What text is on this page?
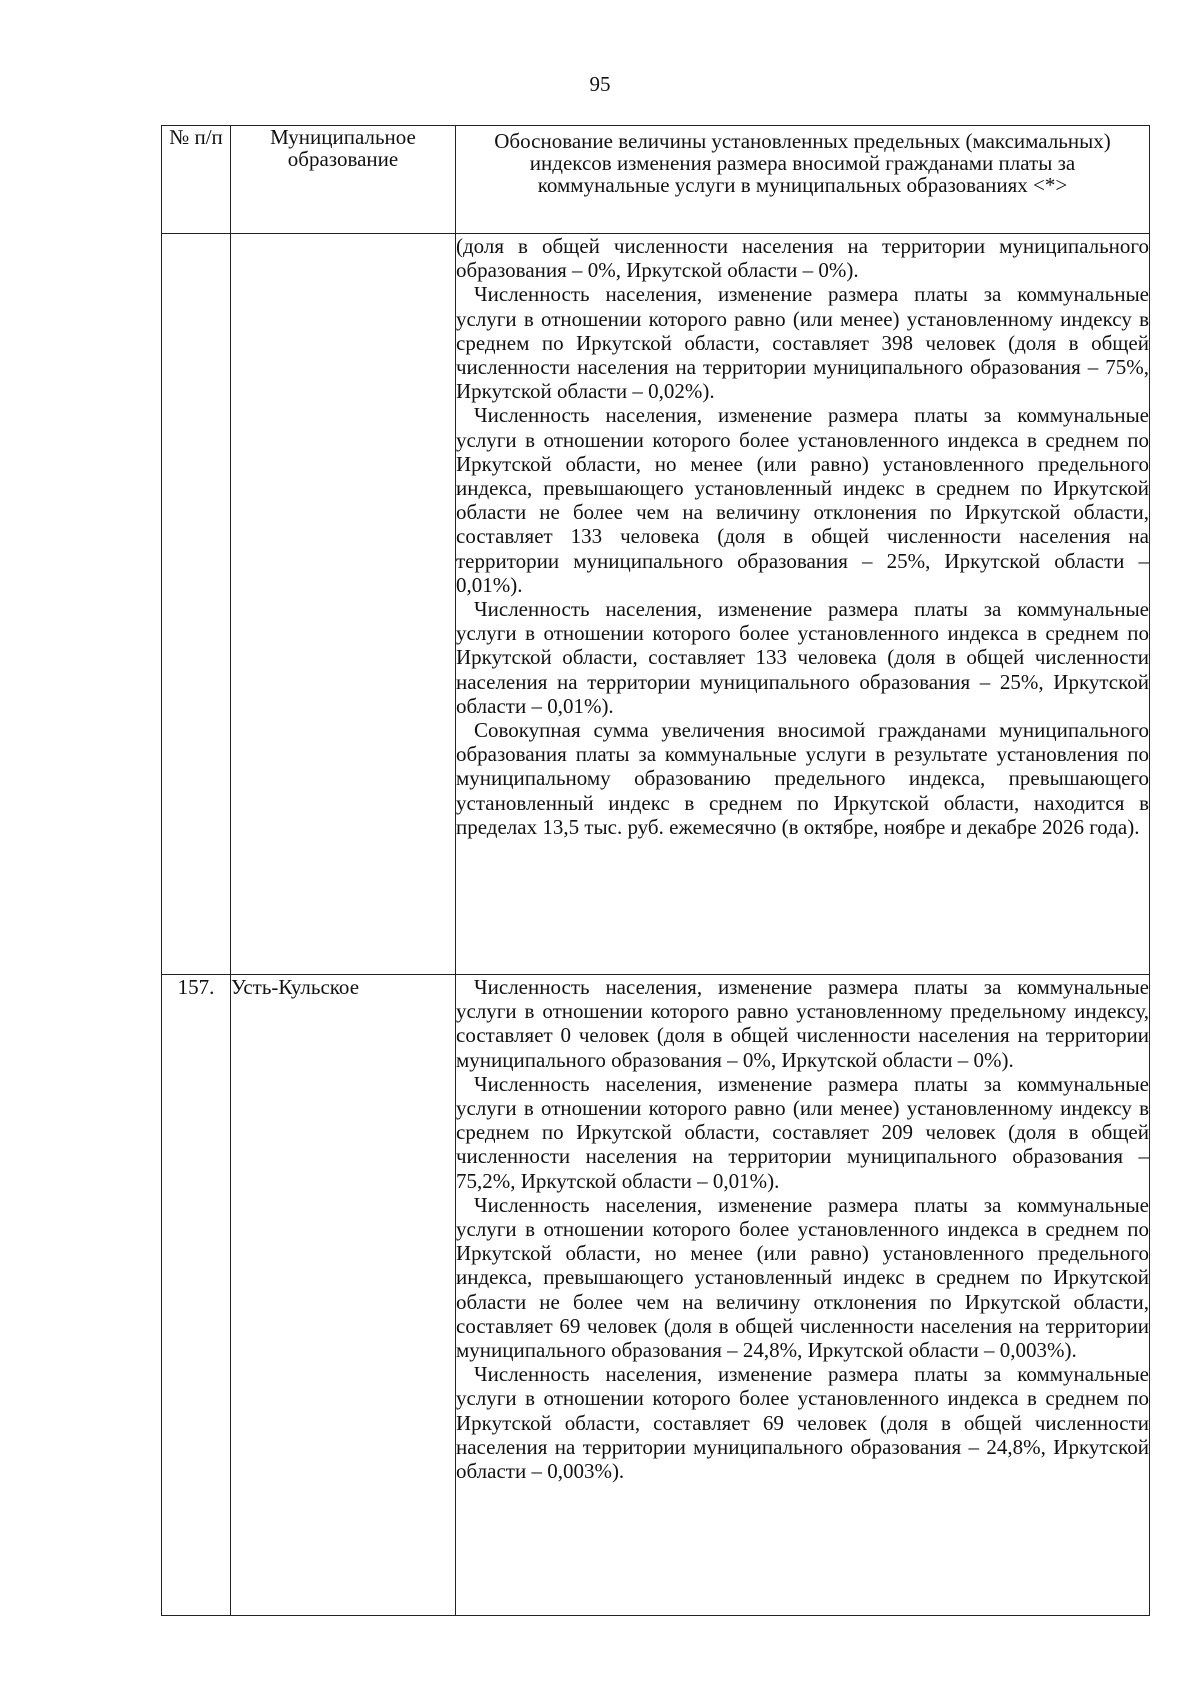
95
№ п/п	Муниципальное образование	Обоснование величины установленных предельных (максимальных) индексов изменения размера вносимой гражданами платы за коммунальные услуги в муниципальных образованиях <*>

		(доля в общей численности населения на территории муниципального образования – 0%, Иркутской области – 0%).

Численность населения, изменение размера платы за коммунальные услуги в отношении которого равно (или менее) установленному индексу в среднем по Иркутской области, составляет 398 человек (доля в общей численности населения на территории муниципального образования – 75%, Иркутской области – 0,02%).

Численность населения, изменение размера платы за коммунальные услуги в отношении которого более установленного индекса в среднем по Иркутской области, но менее (или равно) установленного предельного индекса, превышающего установленный индекс в среднем по Иркутской области не более чем на величину отклонения по Иркутской области, составляет 133 человека (доля в общей численности населения на территории муниципального образования – 25%, Иркутской области – 0,01%).

Численность населения, изменение размера платы за коммунальные услуги в отношении которого более установленного индекса в среднем по Иркутской области, составляет 133 человека (доля в общей численности населения на территории муниципального образования – 25%, Иркутской области – 0,01%).

Совокупная сумма увеличения вносимой гражданами муниципального образования платы за коммунальные услуги в результате установления по муниципальному образованию предельного индекса, превышающего установленный индекс в среднем по Иркутской области, находится в пределах 13,5 тыс. руб. ежемесячно (в октябре, ноябре и декабре 2026 года).

157.	Усть-Кульское	Численность населения, изменение размера платы за коммунальные услуги в отношении которого равно установленному предельному индексу, составляет 0 человек (доля в общей численности населения на территории муниципального образования – 0%, Иркутской области – 0%).

Численность населения, изменение размера платы за коммунальные услуги в отношении которого равно (или менее) установленному индексу в среднем по Иркутской области, составляет 209 человек (доля в общей численности населения на территории муниципального образования – 75,2%, Иркутской области – 0,01%).

Численность населения, изменение размера платы за коммунальные услуги в отношении которого более установленного индекса в среднем по Иркутской области, но менее (или равно) установленного предельного индекса, превышающего установленный индекс в среднем по Иркутской области не более чем на величину отклонения по Иркутской области, составляет 69 человек (доля в общей численности населения на территории муниципального образования – 24,8%, Иркутской области – 0,003%).

Численность населения, изменение размера платы за коммунальные услуги в отношении которого более установленного индекса в среднем по Иркутской области, составляет 69 человек (доля в общей численности населения на территории муниципального образования – 24,8%, Иркутской области – 0,003%).
